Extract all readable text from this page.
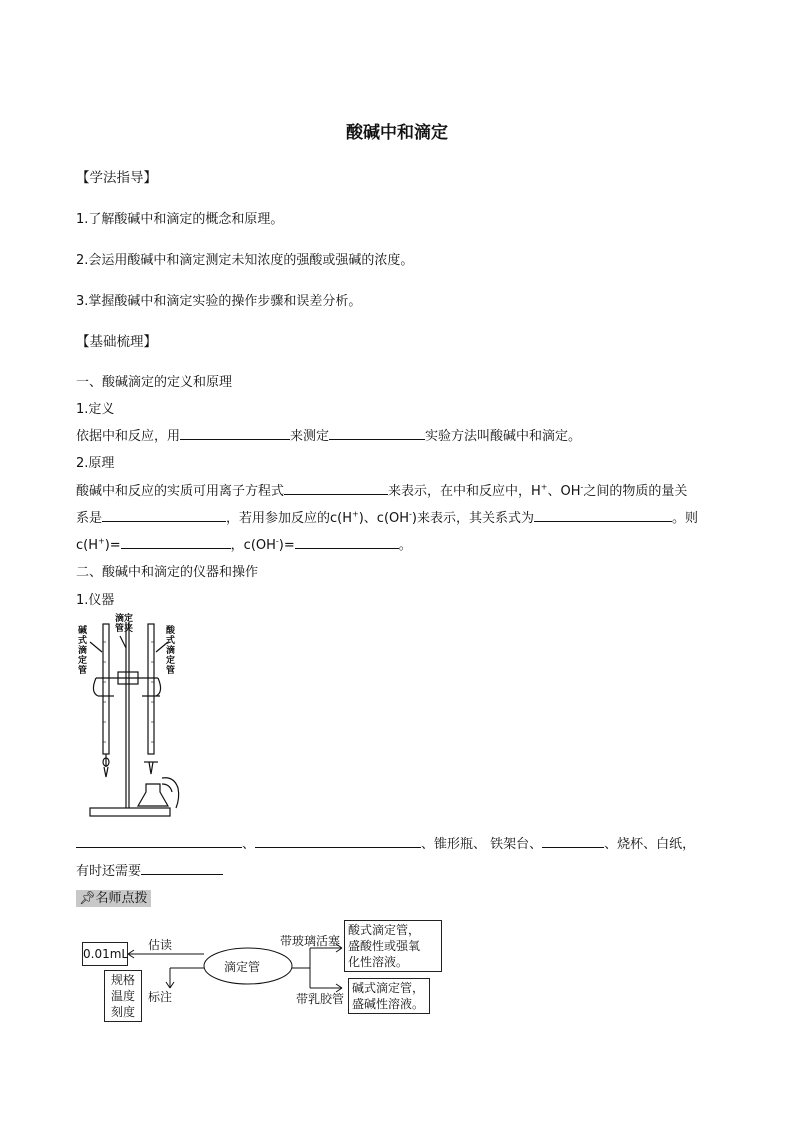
酸碱中和滴定
【学法指导】
1.了解酸碱中和滴定的概念和原理。
2.会运用酸碱中和滴定测定未知浓度的强酸或强碱的浓度。
3.掌握酸碱中和滴定实验的操作步骤和误差分析。
【基础梳理】
一、酸碱滴定的定义和原理
1.定义
依据中和反应，用	来测定	实验方法叫酸碱中和滴定。
2.原理
酸碱中和反应的实质可用离子方程式	来表示，在中和反应中，H+、OH-之间的物质的量关
系是	，若用参加反应的c(H+)、c(OH-)来表示，其关系式为	。则
c(H+)=	，c(OH-)=	。
二、酸碱中和滴定的仪器和操作
1.仪器
碱式滴定管
滴定管夹	酸式滴定管
、	、锥形瓶、 铁架台、	、烧杯、白纸，
有时还需要
📌︎名师点拨
0.01mL
规格
温度
刻度
估读
标注
滴定管
带玻璃活塞
带乳胶管
酸式滴定管，
盛酸性或强氧
化性溶液。
碱式滴定管，
盛碱性溶液。
